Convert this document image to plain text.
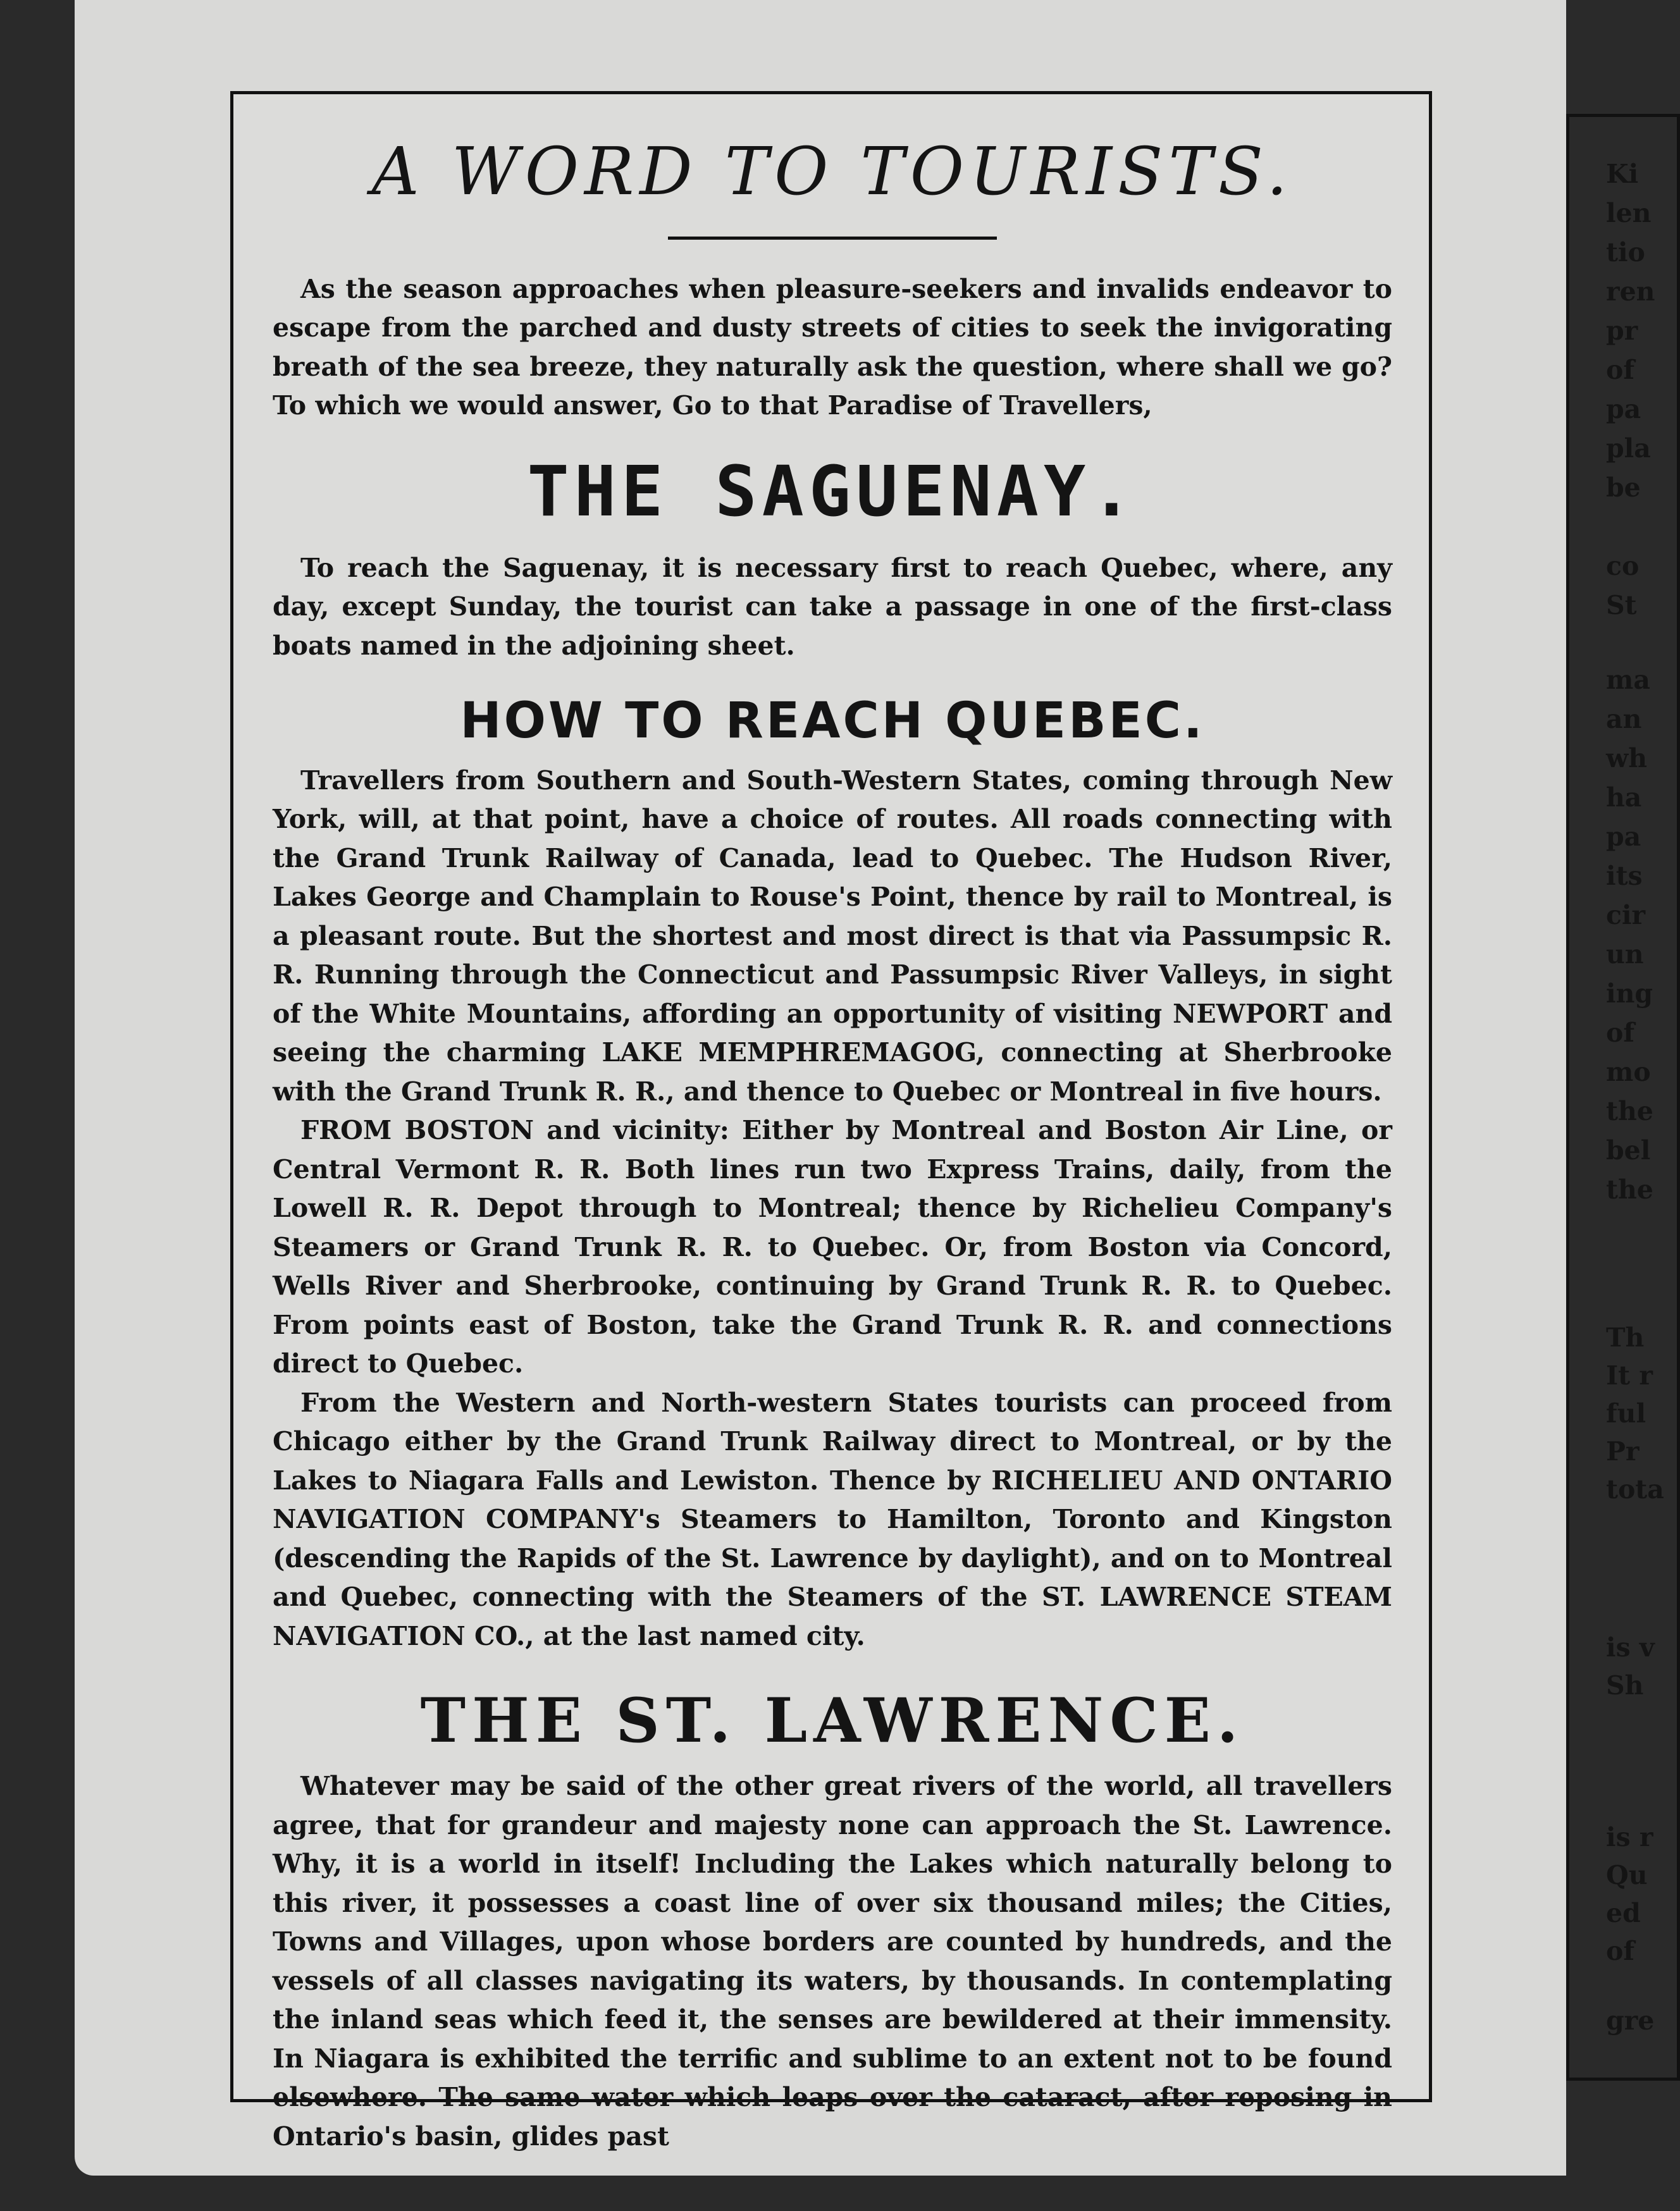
A WORD TO TOURISTS.

As the season approaches when pleasure-seekers and invalids endeavor to escape from the parched and dusty streets of cities to seek the invigorating breath of the sea breeze, they naturally ask the question, where shall we go? To which we would answer, Go to that Paradise of Travellers,

THE SAGUENAY.

To reach the Saguenay, it is necessary first to reach Quebec, where, any day, except Sunday, the tourist can take a passage in one of the first-class boats named in the adjoining sheet.

HOW TO REACH QUEBEC.

Travellers from Southern and South-Western States, coming through New York, will, at that point, have a choice of routes. All roads connecting with the Grand Trunk Railway of Canada, lead to Quebec. The Hudson River, Lakes George and Champlain to Rouse's Point, thence by rail to Montreal, is a pleasant route. But the shortest and most direct is that via Passumpsic R. R. Running through the Connecticut and Passumpsic River Valleys, in sight of the White Mountains, affording an opportunity of visiting NEWPORT and seeing the charming LAKE MEMPHREMAGOG, connecting at Sherbrooke with the Grand Trunk R. R., and thence to Quebec or Montreal in five hours.

FROM BOSTON and vicinity: Either by Montreal and Boston Air Line, or Central Vermont R. R. Both lines run two Express Trains, daily, from the Lowell R. R. Depot through to Montreal; thence by Richelieu Company's Steamers or Grand Trunk R. R. to Quebec. Or, from Boston via Concord, Wells River and Sherbrooke, continuing by Grand Trunk R. R. to Quebec. From points east of Boston, take the Grand Trunk R. R. and connections direct to Quebec.

From the Western and North-western States tourists can proceed from Chicago either by the Grand Trunk Railway direct to Montreal, or by the Lakes to Niagara Falls and Lewiston. Thence by RICHELIEU AND ONTARIO NAVIGATION COMPANY's Steamers to Hamilton, Toronto and Kingston (descending the Rapids of the St. Lawrence by daylight), and on to Montreal and Quebec, connecting with the Steamers of the ST. LAWRENCE STEAM NAVIGATION CO., at the last named city.

THE ST. LAWRENCE.

Whatever may be said of the other great rivers of the world, all travellers agree, that for grandeur and majesty none can approach the St. Lawrence. Why, it is a world in itself! Including the Lakes which naturally belong to this river, it possesses a coast line of over six thousand miles; the Cities, Towns and Villages, upon whose borders are counted by hundreds, and the vessels of all classes navigating its waters, by thousands. In contemplating the inland seas which feed it, the senses are bewildered at their immensity. In Niagara is exhibited the terrific and sublime to an extent not to be found elsewhere. The same water which leaps over the cataract, after reposing in Ontario's basin, glides past

Ki
len
tio
ren
pr
of
pa
pla
be
co
St
ma
an
wh
ha
pa
its
cir
un
ing
of
mo
the
bel
the
Th
It r
ful
Pr
tota
is v
Sh
is r
Qu
ed
of
gre
